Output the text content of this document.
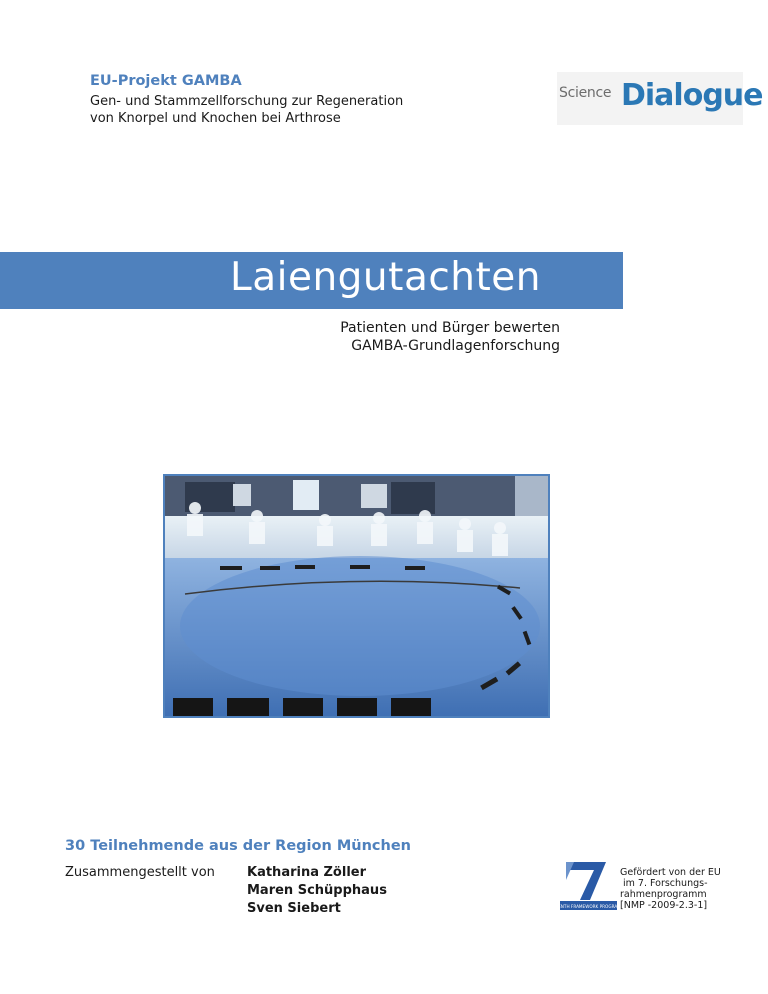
EU-Projekt GAMBA
Gen- und Stammzellforschung zur Regeneration
von Knorpel und Knochen bei Arthrose
Science Dialogue
Laiengutachten
Patienten und Bürger bewerten
GAMBA-Grundlagenforschung
30 Teilnehmende aus der Region München
Zusammengestellt von Katharina Zöller
Maren Schüpphaus
Sven Siebert	SEVENTH FRAMEWORK PROGRAMME
Gefördert von der EU
im 7. Forschungs-
rahmenprogramm
[NMP -2009-2.3-1]
